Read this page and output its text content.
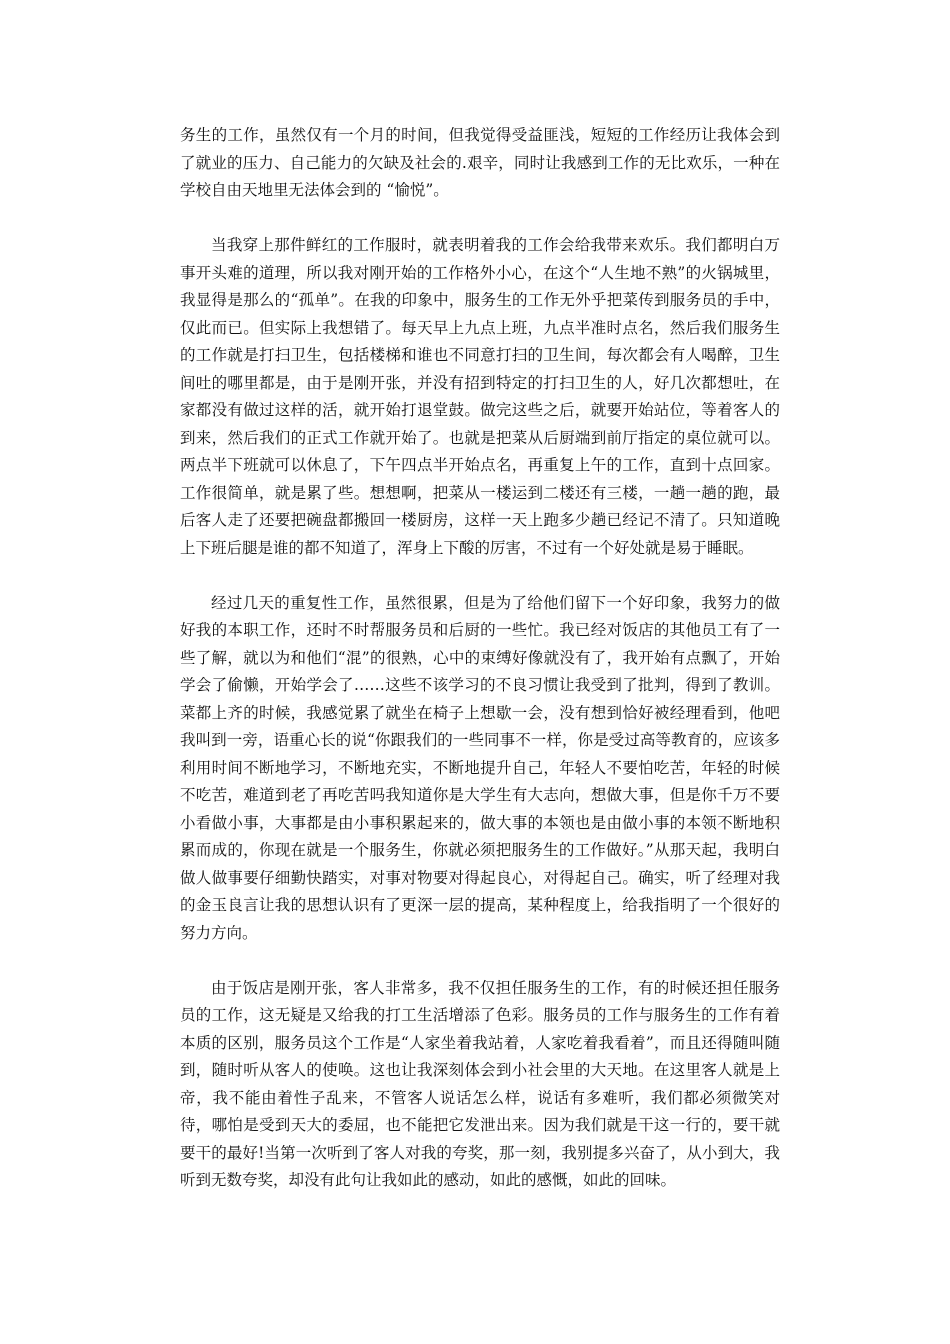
务生的工作，虽然仅有一个月的时间，但我觉得受益匪浅，短短的工作经历让我体会到了就业的压力、自己能力的欠缺及社会的.艰辛，同时让我感到工作的无比欢乐，一种在学校自由天地里无法体会到的 “愉悦”。

当我穿上那件鲜红的工作服时，就表明着我的工作会给我带来欢乐。我们都明白万事开头难的道理，所以我对刚开始的工作格外小心，在这个“人生地不熟”的火锅城里，我显得是那么的“孤单”。在我的印象中，服务生的工作无外乎把菜传到服务员的手中，仅此而已。但实际上我想错了。每天早上九点上班，九点半准时点名，然后我们服务生的工作就是打扫卫生，包括楼梯和谁也不同意打扫的卫生间，每次都会有人喝醉，卫生间吐的哪里都是，由于是刚开张，并没有招到特定的打扫卫生的人，好几次都想吐，在家都没有做过这样的活，就开始打退堂鼓。做完这些之后，就要开始站位，等着客人的到来，然后我们的正式工作就开始了。也就是把菜从后厨端到前厅指定的桌位就可以。两点半下班就可以休息了，下午四点半开始点名，再重复上午的工作，直到十点回家。工作很简单，就是累了些。想想啊，把菜从一楼运到二楼还有三楼，一趟一趟的跑，最后客人走了还要把碗盘都搬回一楼厨房，这样一天上跑多少趟已经记不清了。只知道晚上下班后腿是谁的都不知道了，浑身上下酸的厉害，不过有一个好处就是易于睡眠。

经过几天的重复性工作，虽然很累，但是为了给他们留下一个好印象，我努力的做好我的本职工作，还时不时帮服务员和后厨的一些忙。我已经对饭店的其他员工有了一些了解，就以为和他们“混”的很熟，心中的束缚好像就没有了，我开始有点飘了，开始学会了偷懒，开始学会了……这些不该学习的不良习惯让我受到了批判，得到了教训。菜都上齐的时候，我感觉累了就坐在椅子上想歇一会，没有想到恰好被经理看到，他吧我叫到一旁，语重心长的说“你跟我们的一些同事不一样，你是受过高等教育的，应该多利用时间不断地学习，不断地充实，不断地提升自己，年轻人不要怕吃苦，年轻的时候不吃苦，难道到老了再吃苦吗我知道你是大学生有大志向，想做大事，但是你千万不要小看做小事，大事都是由小事积累起来的，做大事的本领也是由做小事的本领不断地积累而成的，你现在就是一个服务生，你就必须把服务生的工作做好。”从那天起，我明白做人做事要仔细勤快踏实，对事对物要对得起良心，对得起自己。确实，听了经理对我的金玉良言让我的思想认识有了更深一层的提高，某种程度上，给我指明了一个很好的努力方向。

由于饭店是刚开张，客人非常多，我不仅担任服务生的工作，有的时候还担任服务员的工作，这无疑是又给我的打工生活增添了色彩。服务员的工作与服务生的工作有着本质的区别，服务员这个工作是“人家坐着我站着，人家吃着我看着”，而且还得随叫随到，随时听从客人的使唤。这也让我深刻体会到小社会里的大天地。在这里客人就是上帝，我不能由着性子乱来，不管客人说话怎么样，说话有多难听，我们都必须微笑对待，哪怕是受到天大的委屈，也不能把它发泄出来。因为我们就是干这一行的，要干就要干的最好!当第一次听到了客人对我的夸奖，那一刻，我别提多兴奋了，从小到大，我听到无数夸奖，却没有此句让我如此的感动，如此的感慨，如此的回味。
